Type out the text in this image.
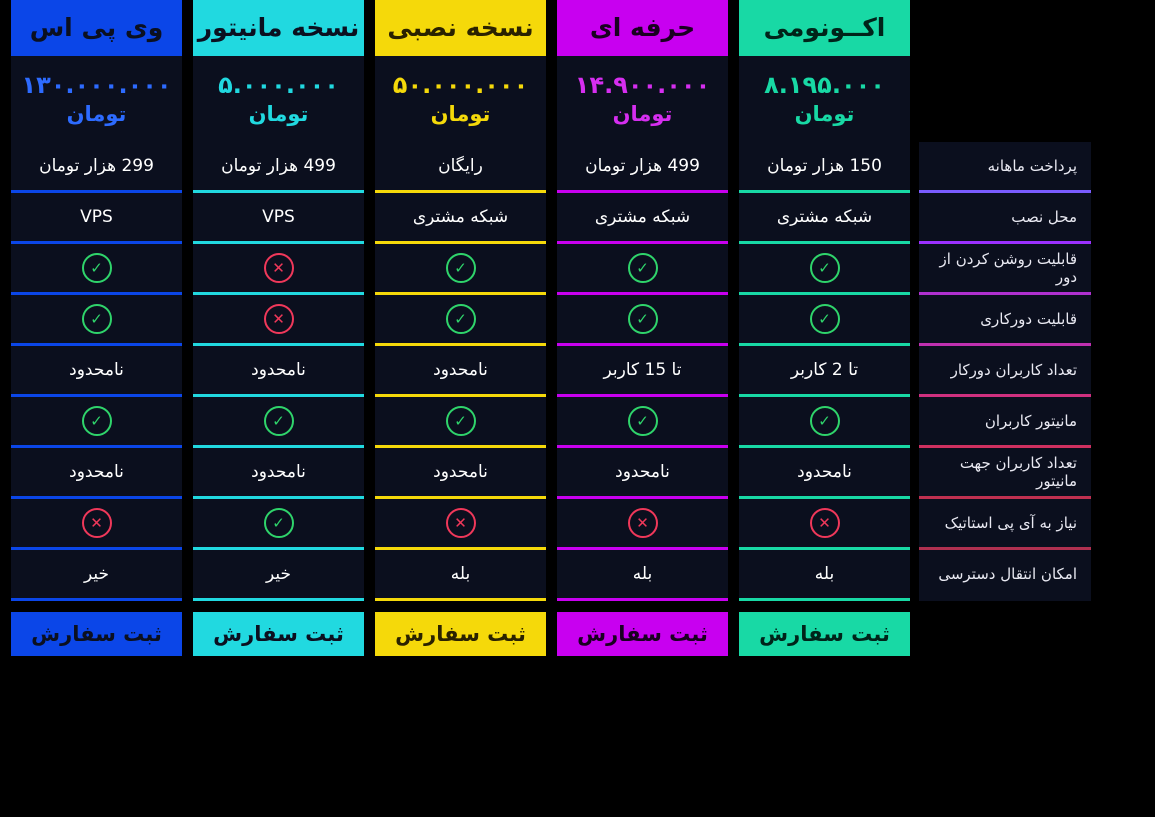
وی پی اس
۱۳۰.۰۰۰.۰۰۰
تومان
299 هزار تومان
VPS
✓
✓
نامحدود
✓
نامحدود
✕
خیر
ثبت سفارش
نسخه مانیتور
۵.۰۰۰.۰۰۰
تومان
499 هزار تومان
VPS
✕
✕
نامحدود
✓
نامحدود
✓
خیر
ثبت سفارش
نسخه نصبی
۵۰.۰۰۰.۰۰۰
تومان
رایگان
شبکه مشتری
✓
✓
نامحدود
✓
نامحدود
✕
بله
ثبت سفارش
حرفه ای
۱۴.۹۰۰.۰۰۰
تومان
499 هزار تومان
شبکه مشتری
✓
✓
تا 15 کاربر
✓
نامحدود
✕
بله
ثبت سفارش
اکــونومی
۸.۱۹۵.۰۰۰
تومان
150 هزار تومان
شبکه مشتری
✓
✓
تا 2 کاربر
✓
نامحدود
✕
بله
ثبت سفارش
پرداخت ماهانه
محل نصب
قابلیت روشن کردن از دور
قابلیت دورکاری
تعداد کاربران دورکار
مانیتور کاربران
تعداد کاربران جهت مانیتور
نیاز به آی پی استاتیک
امکان انتقال دسترسی
